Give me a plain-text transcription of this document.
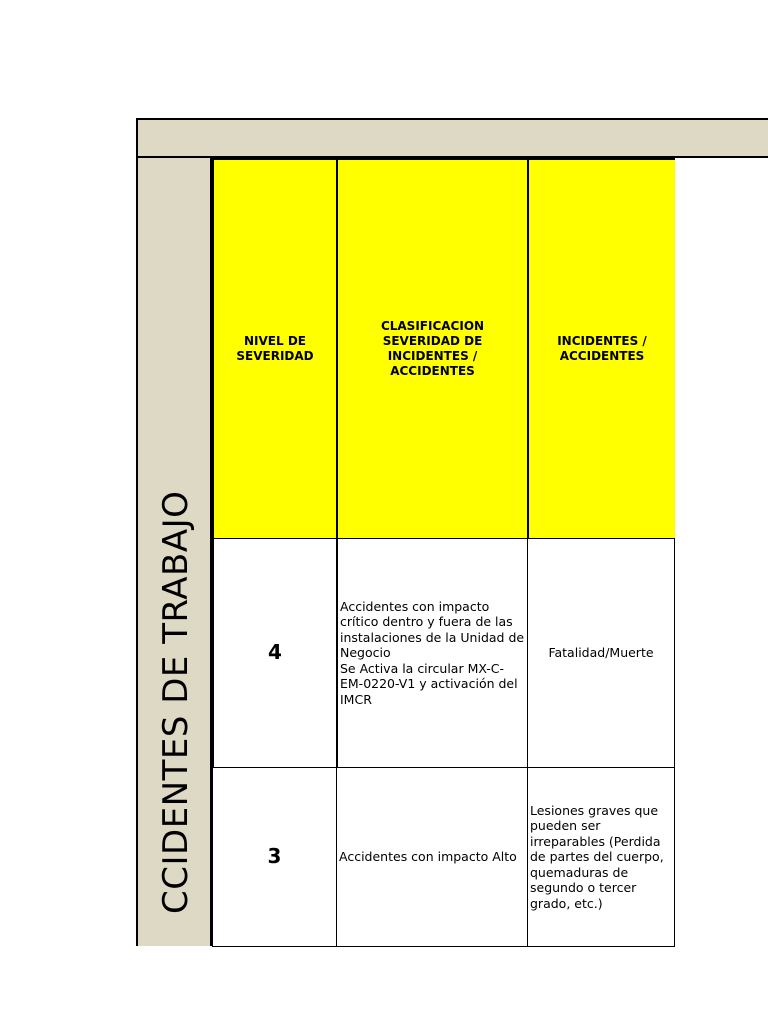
CCIDENTES DE TRABAJO
NIVEL DE SEVERIDAD
CLASIFICACION SEVERIDAD DE INCIDENTES / ACCIDENTES
INCIDENTES / ACCIDENTES
4
Accidentes con impacto crítico dentro y fuera de las instalaciones de la Unidad de Negocio
Se Activa la circular MX-C-EM-0220-V1 y activación del IMCR
Fatalidad/Muerte
3	Accidentes con impacto Alto
Lesiones graves que pueden ser irreparables (Perdida de partes del cuerpo, quemaduras de segundo o tercer grado, etc.)
